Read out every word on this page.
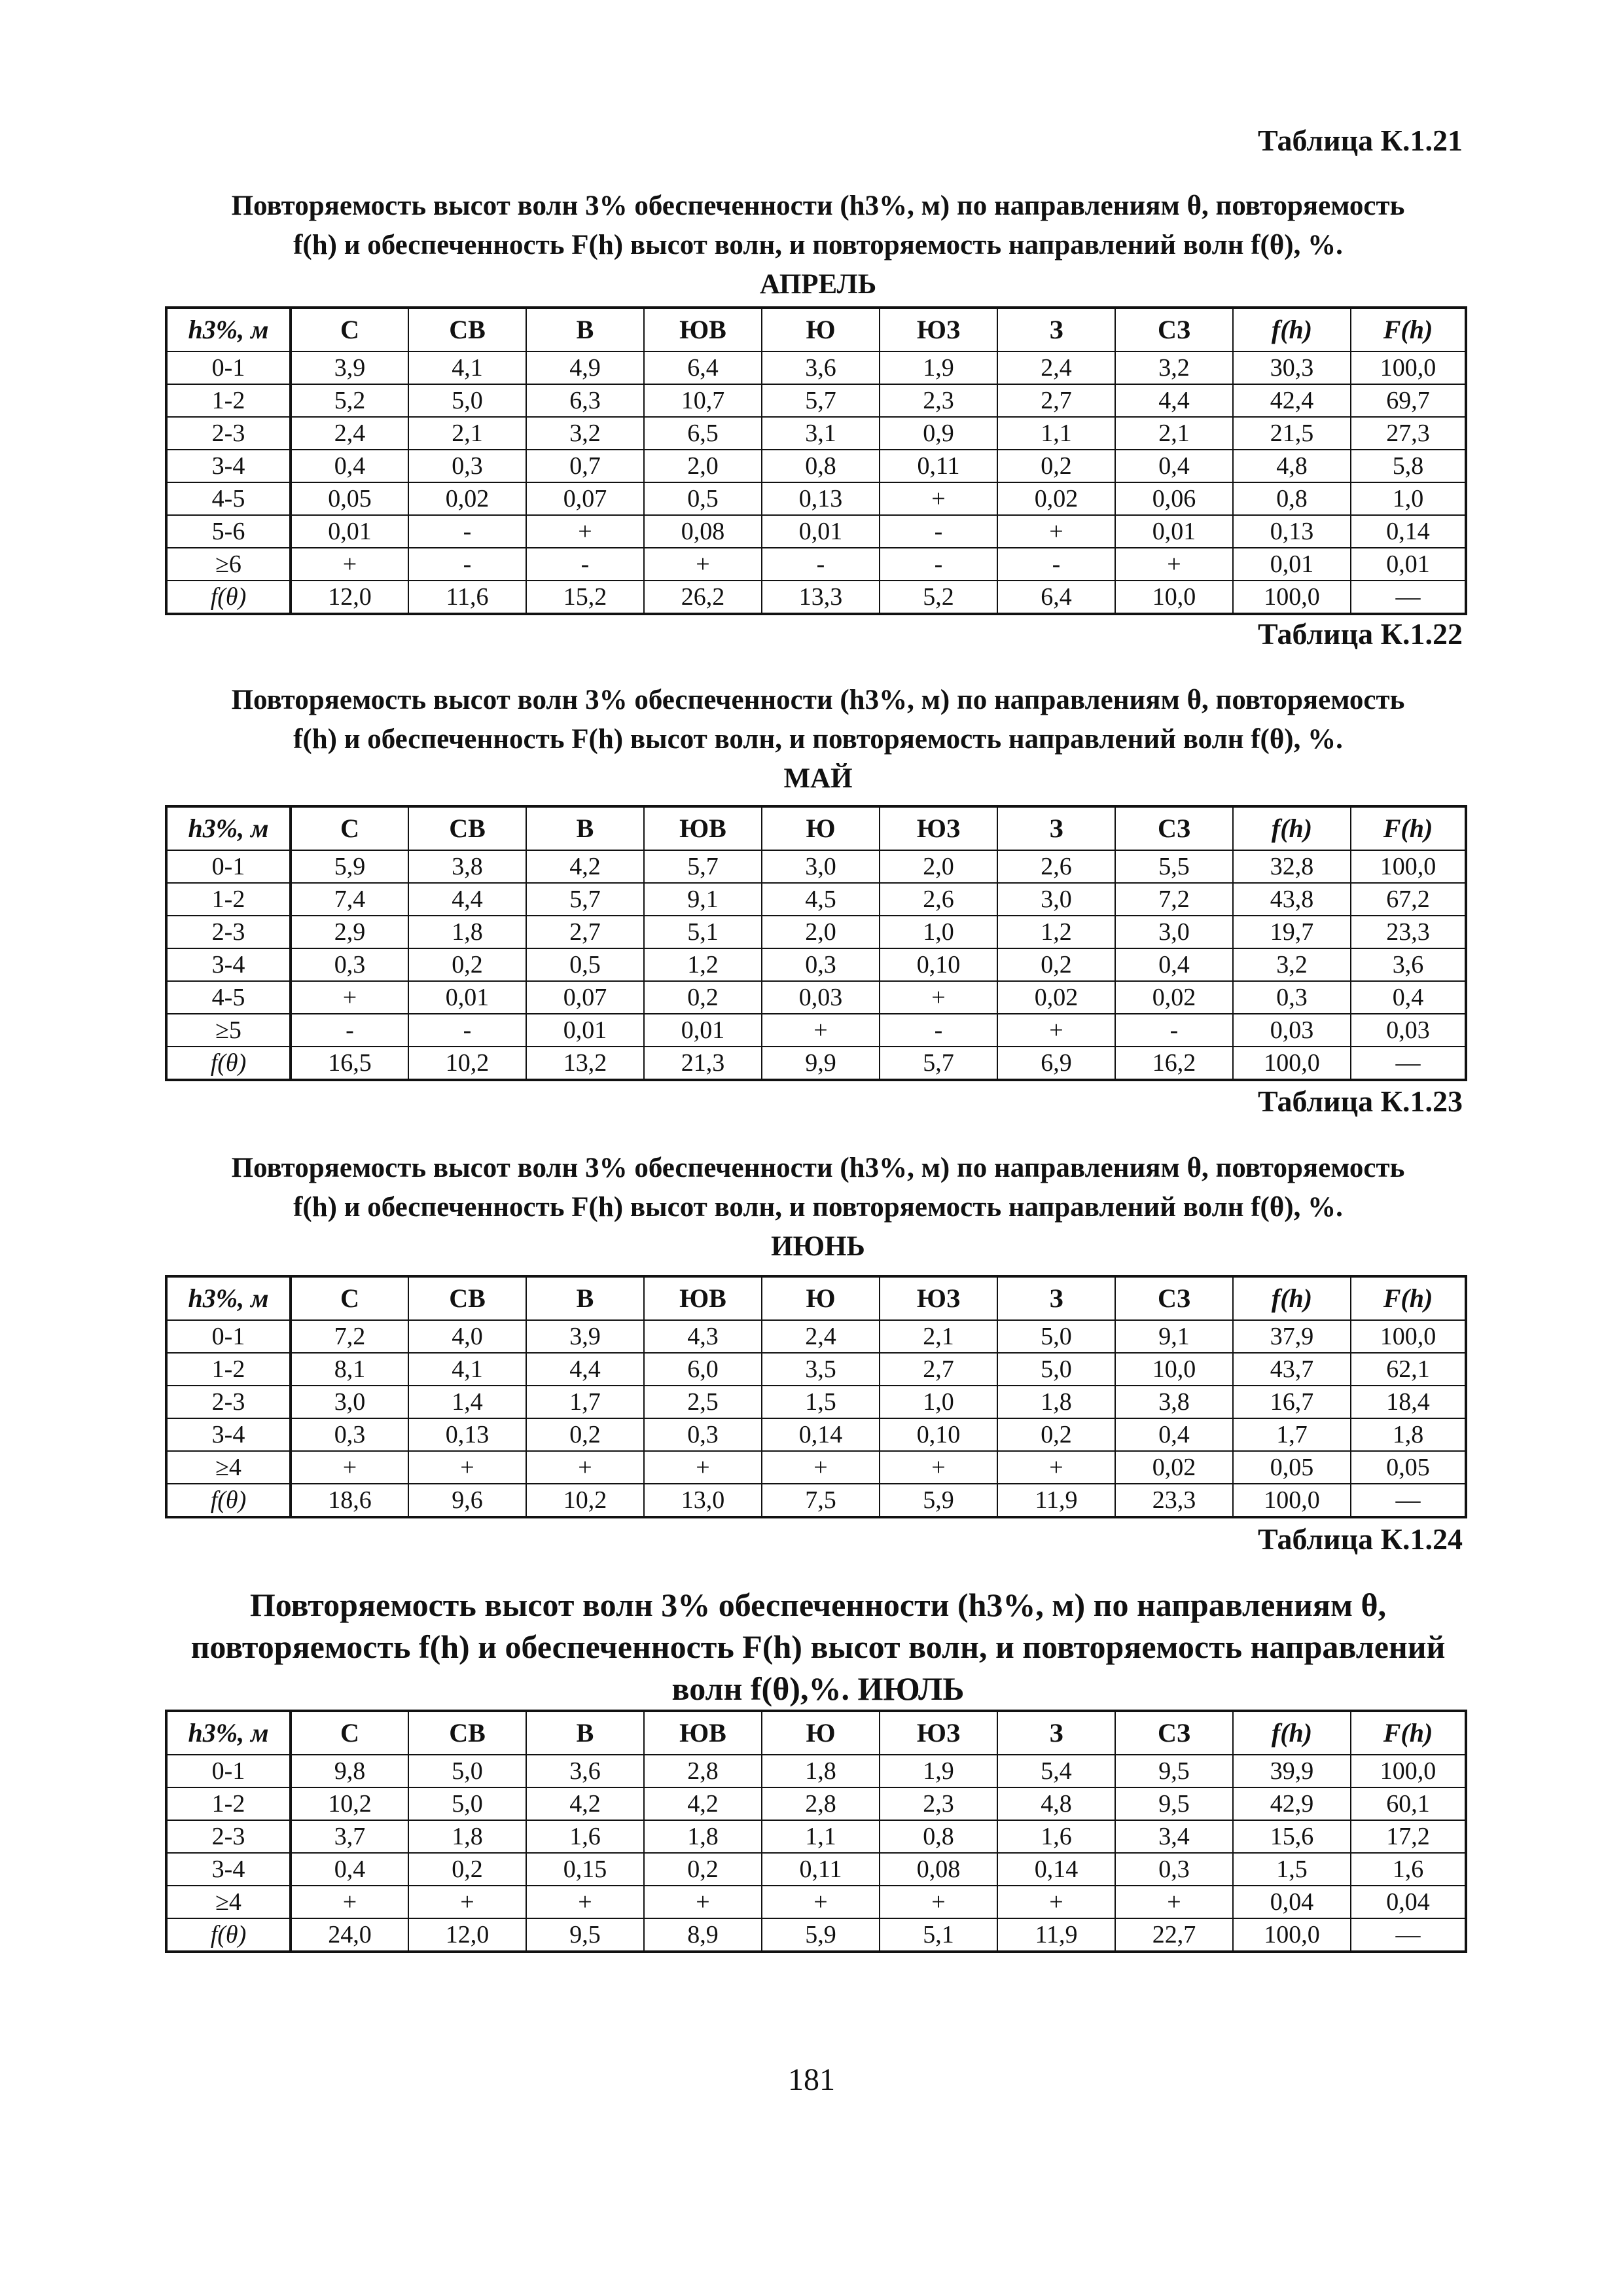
Таблица К.1.21
Повторяемость высот волн 3% обеспеченности (h3%, м) по направлениям θ, повторяемость
f(h) и обеспеченность F(h) высот волн, и повторяемость направлений волн f(θ), %.
АПРЕЛЬ
h3%, м	С	СВ	В	ЮВ	Ю	ЮЗ	З	СЗ	f(h)	F(h)
0-1	3,9	4,1	4,9	6,4	3,6	1,9	2,4	3,2	30,3	100,0
1-2	5,2	5,0	6,3	10,7	5,7	2,3	2,7	4,4	42,4	69,7
2-3	2,4	2,1	3,2	6,5	3,1	0,9	1,1	2,1	21,5	27,3
3-4	0,4	0,3	0,7	2,0	0,8	0,11	0,2	0,4	4,8	5,8
4-5	0,05	0,02	0,07	0,5	0,13	+	0,02	0,06	0,8	1,0
5-6	0,01	-	+	0,08	0,01	-	+	0,01	0,13	0,14
≥6	+	-	-	+	-	-	-	+	0,01	0,01
f(θ)	12,0	11,6	15,2	26,2	13,3	5,2	6,4	10,0	100,0	—
Таблица К.1.22
Повторяемость высот волн 3% обеспеченности (h3%, м) по направлениям θ, повторяемость
f(h) и обеспеченность F(h) высот волн, и повторяемость направлений волн f(θ), %.
МАЙ
h3%, м	С	СВ	В	ЮВ	Ю	ЮЗ	З	СЗ	f(h)	F(h)
0-1	5,9	3,8	4,2	5,7	3,0	2,0	2,6	5,5	32,8	100,0
1-2	7,4	4,4	5,7	9,1	4,5	2,6	3,0	7,2	43,8	67,2
2-3	2,9	1,8	2,7	5,1	2,0	1,0	1,2	3,0	19,7	23,3
3-4	0,3	0,2	0,5	1,2	0,3	0,10	0,2	0,4	3,2	3,6
4-5	+	0,01	0,07	0,2	0,03	+	0,02	0,02	0,3	0,4
≥5	-	-	0,01	0,01	+	-	+	-	0,03	0,03
f(θ)	16,5	10,2	13,2	21,3	9,9	5,7	6,9	16,2	100,0	—
Таблица К.1.23
Повторяемость высот волн 3% обеспеченности (h3%, м) по направлениям θ, повторяемость
f(h) и обеспеченность F(h) высот волн, и повторяемость направлений волн f(θ), %.
ИЮНЬ
h3%, м	С	СВ	В	ЮВ	Ю	ЮЗ	З	СЗ	f(h)	F(h)
0-1	7,2	4,0	3,9	4,3	2,4	2,1	5,0	9,1	37,9	100,0
1-2	8,1	4,1	4,4	6,0	3,5	2,7	5,0	10,0	43,7	62,1
2-3	3,0	1,4	1,7	2,5	1,5	1,0	1,8	3,8	16,7	18,4
3-4	0,3	0,13	0,2	0,3	0,14	0,10	0,2	0,4	1,7	1,8
≥4	+	+	+	+	+	+	+	0,02	0,05	0,05
f(θ)	18,6	9,6	10,2	13,0	7,5	5,9	11,9	23,3	100,0	—
Таблица К.1.24
Повторяемость высот волн 3% обеспеченности (h3%, м) по направлениям θ,
повторяемость f(h) и обеспеченность F(h) высот волн, и повторяемость направлений
волн f(θ),%. ИЮЛЬ
h3%, м	С	СВ	В	ЮВ	Ю	ЮЗ	З	СЗ	f(h)	F(h)
0-1	9,8	5,0	3,6	2,8	1,8	1,9	5,4	9,5	39,9	100,0
1-2	10,2	5,0	4,2	4,2	2,8	2,3	4,8	9,5	42,9	60,1
2-3	3,7	1,8	1,6	1,8	1,1	0,8	1,6	3,4	15,6	17,2
3-4	0,4	0,2	0,15	0,2	0,11	0,08	0,14	0,3	1,5	1,6
≥4	+	+	+	+	+	+	+	+	0,04	0,04
f(θ)	24,0	12,0	9,5	8,9	5,9	5,1	11,9	22,7	100,0	—
181
